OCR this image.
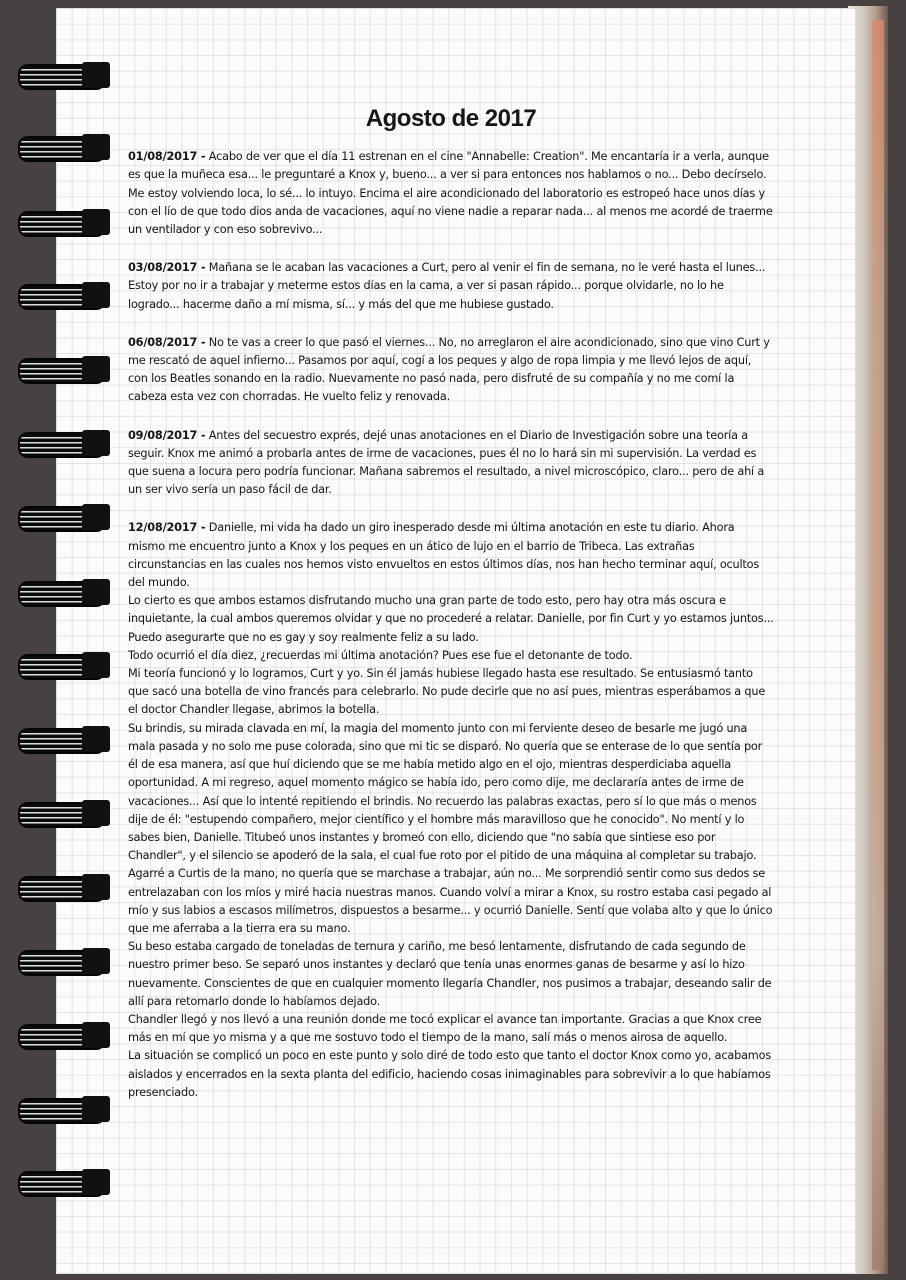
Agosto de 2017

01/08/2017 - Acabo de ver que el día 11 estrenan en el cine "Annabelle: Creation". Me encantaría ir a verla, aunque es que la muñeca esa... le preguntaré a Knox y, bueno... a ver si para entonces nos hablamos o no... Debo decírselo. Me estoy volviendo loca, lo sé... lo intuyo. Encima el aire acondicionado del laboratorio es estropeó hace unos días y con el lío de que todo dios anda de vacaciones, aquí no viene nadie a reparar nada... al menos me acordé de traerme un ventilador y con eso sobrevivo...

03/08/2017 - Mañana se le acaban las vacaciones a Curt, pero al venir el fin de semana, no le veré hasta el lunes... Estoy por no ir a trabajar y meterme estos días en la cama, a ver si pasan rápido... porque olvidarle, no lo he logrado... hacerme daño a mí misma, sí... y más del que me hubiese gustado.

06/08/2017 - No te vas a creer lo que pasó el viernes... No, no arreglaron el aire acondicionado, sino que vino Curt y me rescató de aquel infierno... Pasamos por aquí, cogí a los peques y algo de ropa limpia y me llevó lejos de aquí, con los Beatles sonando en la radio. Nuevamente no pasó nada, pero disfruté de su compañía y no me comí la cabeza esta vez con chorradas. He vuelto feliz y renovada.

09/08/2017 - Antes del secuestro exprés, dejé unas anotaciones en el Diario de Investigación sobre una teoría a seguir. Knox me animó a probarla antes de irme de vacaciones, pues él no lo hará sin mi supervisión. La verdad es que suena a locura pero podría funcionar. Mañana sabremos el resultado, a nivel microscópico, claro... pero de ahí a un ser vivo sería un paso fácil de dar.

12/08/2017 - Danielle, mi vida ha dado un giro inesperado desde mi última anotación en este tu diario. Ahora mismo me encuentro junto a Knox y los peques en un ático de lujo en el barrio de Tribeca. Las extrañas circunstancias en las cuales nos hemos visto envueltos en estos últimos días, nos han hecho terminar aquí, ocultos del mundo.

Lo cierto es que ambos estamos disfrutando mucho una gran parte de todo esto, pero hay otra más oscura e inquietante, la cual ambos queremos olvidar y que no procederé a relatar. Danielle, por fin Curt y yo estamos juntos... Puedo asegurarte que no es gay y soy realmente feliz a su lado.

Todo ocurrió el día diez, ¿recuerdas mi última anotación? Pues ese fue el detonante de todo.

Mi teoría funcionó y lo logramos, Curt y yo. Sin él jamás hubiese llegado hasta ese resultado. Se entusiasmó tanto que sacó una botella de vino francés para celebrarlo. No pude decirle que no así pues, mientras esperábamos a que el doctor Chandler llegase, abrimos la botella.

Su brindis, su mirada clavada en mí, la magia del momento junto con mi ferviente deseo de besarle me jugó una mala pasada y no solo me puse colorada, sino que mi tic se disparó. No quería que se enterase de lo que sentía por él de esa manera, así que huí diciendo que se me había metido algo en el ojo, mientras desperdiciaba aquella oportunidad. A mi regreso, aquel momento mágico se había ido, pero como dije, me declararía antes de irme de vacaciones... Así que lo intenté repitiendo el brindis. No recuerdo las palabras exactas, pero sí lo que más o menos dije de él: "estupendo compañero, mejor científico y el hombre más maravilloso que he conocido". No mentí y lo sabes bien, Danielle. Titubeó unos instantes y bromeó con ello, diciendo que "no sabía que sintiese eso por Chandler", y el silencio se apoderó de la sala, el cual fue roto por el pitido de una máquina al completar su trabajo.

Agarré a Curtis de la mano, no quería que se marchase a trabajar, aún no... Me sorprendió sentir como sus dedos se entrelazaban con los míos y miré hacia nuestras manos. Cuando volví a mirar a Knox, su rostro estaba casi pegado al mío y sus labios a escasos milímetros, dispuestos a besarme... y ocurrió Danielle. Sentí que volaba alto y que lo único que me aferraba a la tierra era su mano.

Su beso estaba cargado de toneladas de ternura y cariño, me besó lentamente, disfrutando de cada segundo de nuestro primer beso. Se separó unos instantes y declaró que tenía unas enormes ganas de besarme y así lo hizo nuevamente. Conscientes de que en cualquier momento llegaría Chandler, nos pusimos a trabajar, deseando salir de allí para retomarlo donde lo habíamos dejado.

Chandler llegó y nos llevó a una reunión donde me tocó explicar el avance tan importante. Gracias a que Knox cree más en mí que yo misma y a que me sostuvo todo el tiempo de la mano, salí más o menos airosa de aquello.

La situación se complicó un poco en este punto y solo diré de todo esto que tanto el doctor Knox como yo, acabamos aislados y encerrados en la sexta planta del edificio, haciendo cosas inimaginables para sobrevivir a lo que habíamos presenciado.
